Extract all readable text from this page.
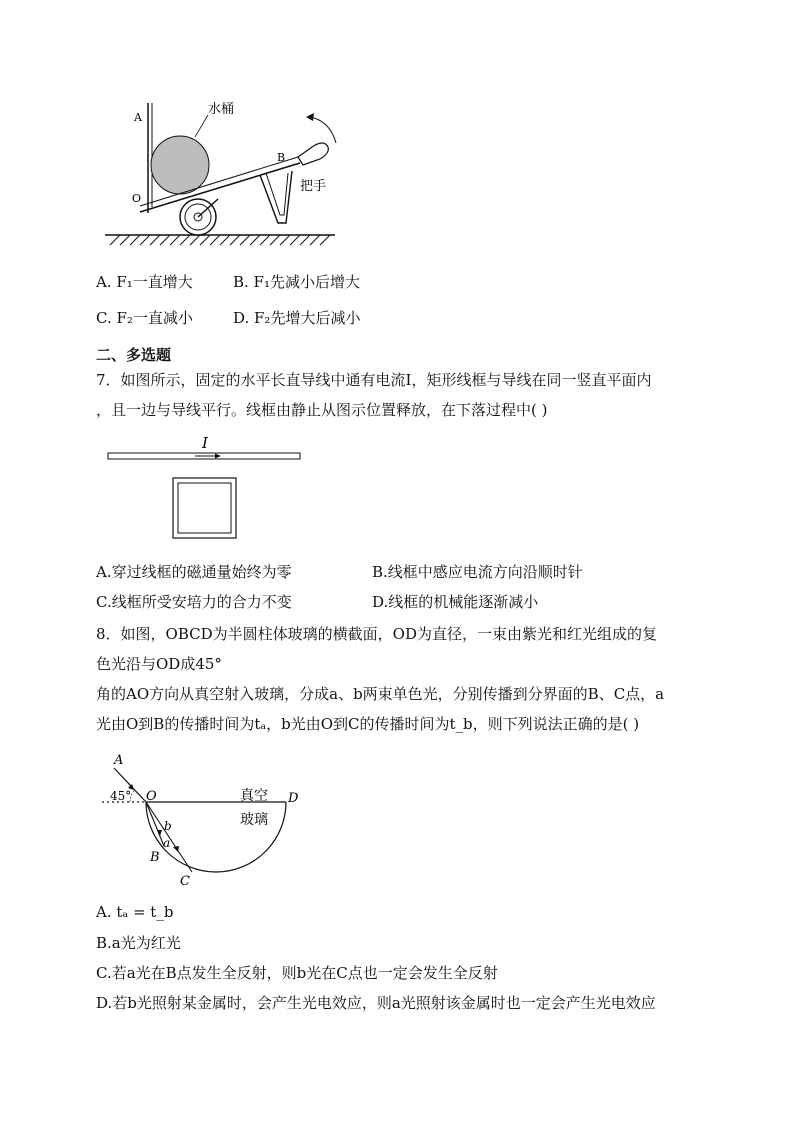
水桶
把手
A
B
O
A. F₁一直增大	B. F₁先减小后增大
C. F₂一直减小	D. F₂先增大后减小
二、多选题
7．如图所示，固定的水平长直导线中通有电流I，矩形线框与导线在同一竖直平面内
，且一边与导线平行。线框由静止从图示位置释放，在下落过程中( )
I
A.穿过线框的磁通量始终为零	B.线框中感应电流方向沿顺时针
C.线框所受安培力的合力不变	D.线框的机械能逐渐减小
8．如图，OBCD为半圆柱体玻璃的横截面，OD为直径，一束由紫光和红光组成的复
色光沿与OD成45°
角的AO方向从真空射入玻璃，分成a、b两束单色光，分别传播到分界面的B、C点，a
光由O到B的传播时间为tₐ，b光由O到C的传播时间为t_b，则下列说法正确的是( )
A
45° O	真空 D
玻璃
b
a
B
C
A. tₐ = t_b
B.a光为红光
C.若a光在B点发生全反射，则b光在C点也一定会发生全反射
D.若b光照射某金属时，会产生光电效应，则a光照射该金属时也一定会产生光电效应
